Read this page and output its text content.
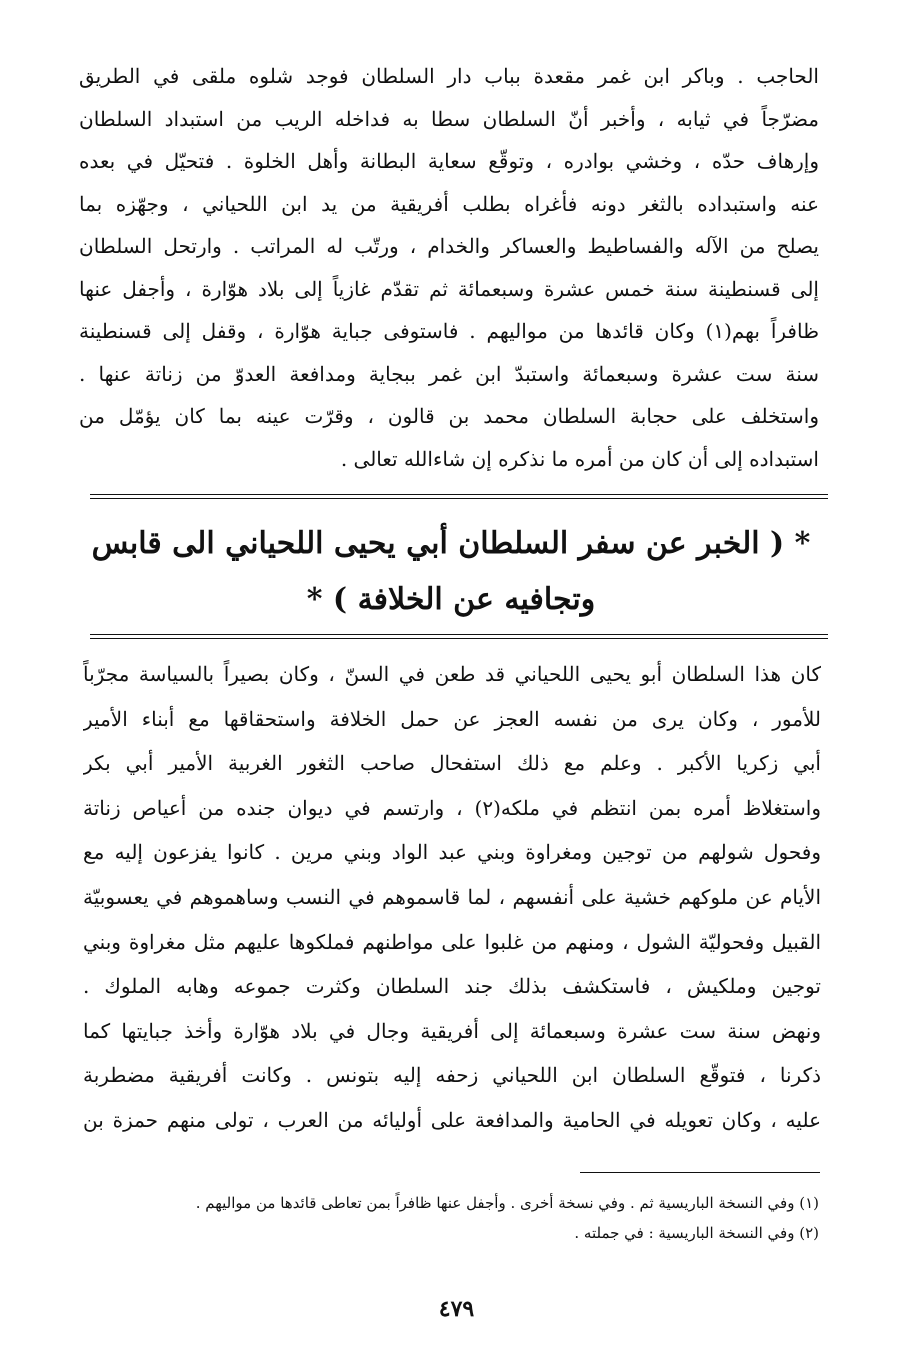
الحاجب . وباكر ابن غمر مقعدة بباب دار السلطان فوجد شلوه ملقى في الطريق
مضرّجاً في ثيابه ، وأخبر أنّ السلطان سطا به فداخله الريب من استبداد السلطان
وإرهاف حدّه ، وخشي بوادره ، وتوقّع سعاية البطانة وأهل الخلوة . فتحيّل في بعده
عنه واستبداده بالثغر دونه فأغراه بطلب أفريقية من يد ابن اللحياني ، وجهّزه بما
يصلح من الآله والفساطيط والعساكر والخدام ، ورتّب له المراتب . وارتحل السلطان
إلى قسنطينة سنة خمس عشرة وسبعمائة ثم تقدّم غازياً إلى بلاد هوّارة ، وأجفل عنها
ظافراً بهم(١) وكان قائدها من مواليهم . فاستوفى جباية هوّارة ، وقفل إلى قسنطينة
سنة ست عشرة وسبعمائة واستبدّ ابن غمر ببجاية ومدافعة العدوّ من زناتة عنها .
واستخلف على حجابة السلطان محمد بن قالون ، وقرّت عينه بما كان يؤمّل من
استبداده إلى أن كان من أمره ما نذكره إن شاءالله تعالى .
* ( الخبر عن سفر السلطان أبي يحيى اللحياني الى قابس
وتجافيه عن الخلافة ) *
كان هذا السلطان أبو يحيى اللحياني قد طعن في السنّ ، وكان بصيراً بالسياسة مجرّباً
للأمور ، وكان يرى من نفسه العجز عن حمل الخلافة واستحقاقها مع أبناء الأمير
أبي زكريا الأكبر . وعلم مع ذلك استفحال صاحب الثغور الغربية الأمير أبي بكر
واستغلاظ أمره بمن انتظم في ملكه(٢) ، وارتسم في ديوان جنده من أعياص زناتة
وفحول شولهم من توجين ومغراوة وبني عبد الواد وبني مرين . كانوا يفزعون إليه مع
الأيام عن ملوكهم خشية على أنفسهم ، لما قاسموهم في النسب وساهموهم في يعسوبيّة
القبيل وفحوليّة الشول ، ومنهم من غلبوا على مواطنهم فملكوها عليهم مثل مغراوة وبني
توجين وملكيش ، فاستكشف بذلك جند السلطان وكثرت جموعه وهابه الملوك .
ونهض سنة ست عشرة وسبعمائة إلى أفريقية وجال في بلاد هوّارة وأخذ جبايتها كما
ذكرنا ، فتوقّع السلطان ابن اللحياني زحفه إليه بتونس . وكانت أفريقية مضطربة
عليه ، وكان تعويله في الحامية والمدافعة على أوليائه من العرب ، تولى منهم حمزة بن
(١) وفي النسخة الباريسية ثم . وفي نسخة أخرى . وأجفل عنها ظافراً بمن تعاطى قائدها من مواليهم .
(٢) وفي النسخة الباريسية : في جملته .
٤٧٩
